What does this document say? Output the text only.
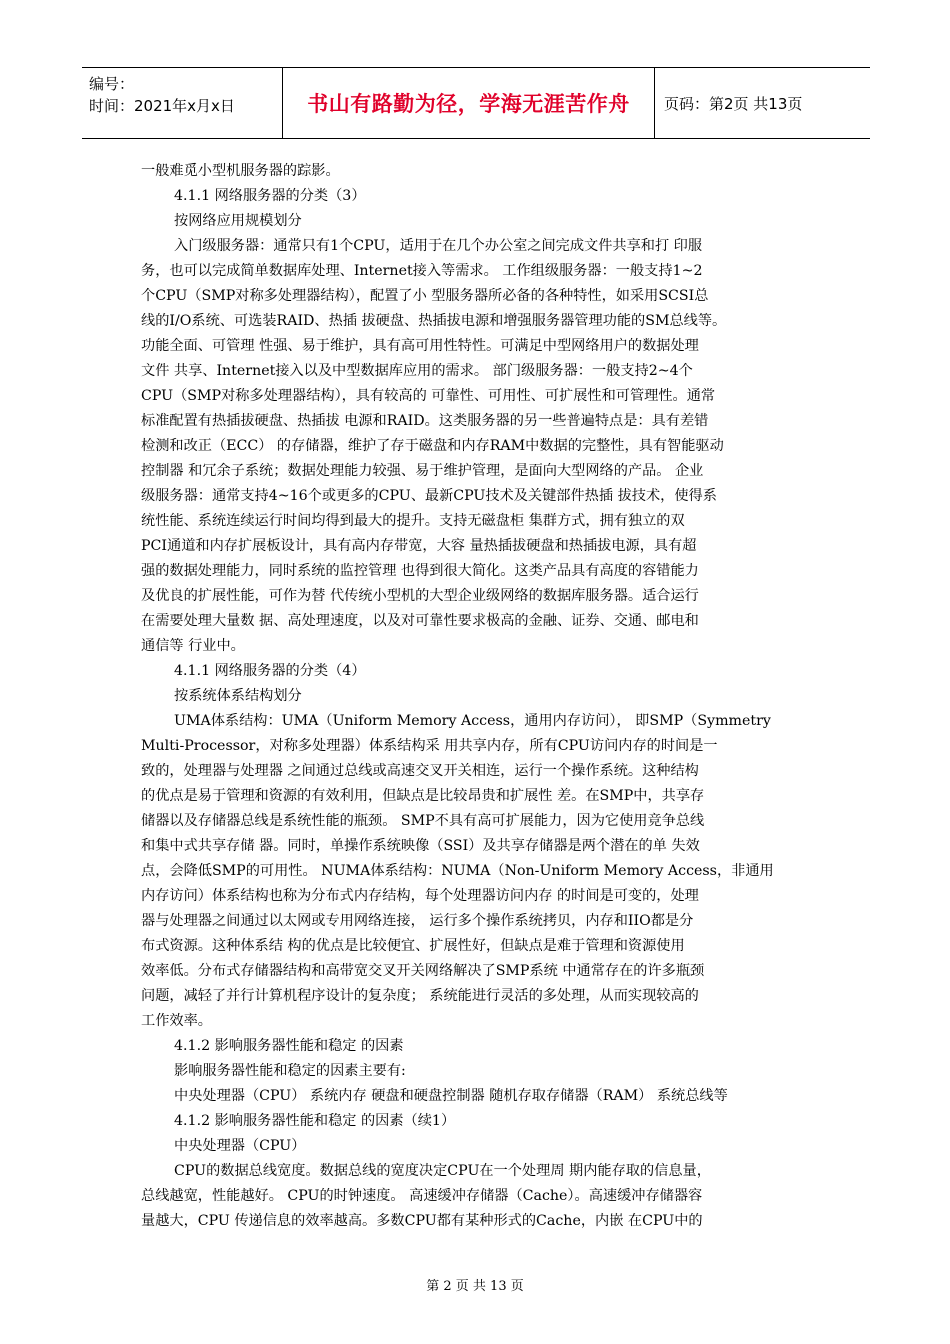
编号：
时间：2021年x月x日	书山有路勤为径，学海无涯苦作舟	页码：第2页 共13页
一般难觅小型机服务器的踪影。
4.1.1 网络服务器的分类（3）
按网络应用规模划分
入门级服务器：通常只有1个CPU，适用于在几个办公室之间完成文件共享和打 印服
务，也可以完成简单数据库处理、Internet接入等需求。 工作组级服务器：一般支持1~2
个CPU（SMP对称多处理器结构），配置了小 型服务器所必备的各种特性，如采用SCSI总
线的I/O系统、可选装RAID、热插 拔硬盘、热插拔电源和增强服务器管理功能的SM总线等。
功能全面、可管理 性强、易于维护，具有高可用性特性。可满足中型网络用户的数据处理
文件 共享、Internet接入以及中型数据库应用的需求。 部门级服务器：一般支持2~4个
CPU（SMP对称多处理器结构），具有较高的 可靠性、可用性、可扩展性和可管理性。通常
标准配置有热插拔硬盘、热插拔 电源和RAID。这类服务器的另一些普遍特点是：具有差错
检测和改正（ECC） 的存储器，维护了存于磁盘和内存RAM中数据的完整性，具有智能驱动
控制器 和冗余子系统；数据处理能力较强、易于维护管理，是面向大型网络的产品。 企业
级服务器：通常支持4~16个或更多的CPU、最新CPU技术及关键部件热插 拔技术，使得系
统性能、系统连续运行时间均得到最大的提升。支持无磁盘柜 集群方式，拥有独立的双
PCI通道和内存扩展板设计，具有高内存带宽，大容 量热插拔硬盘和热插拔电源，具有超
强的数据处理能力，同时系统的监控管理 也得到很大简化。这类产品具有高度的容错能力
及优良的扩展性能，可作为替 代传统小型机的大型企业级网络的数据库服务器。适合运行
在需要处理大量数 据、高处理速度，以及对可靠性要求极高的金融、证券、交通、邮电和
通信等 行业中。
4.1.1 网络服务器的分类（4）
按系统体系结构划分
UMA体系结构：UMA（Uniform Memory Access，通用内存访问）， 即SMP（Symmetry
Multi-Processor，对称多处理器）体系结构采 用共享内存，所有CPU访问内存的时间是一
致的，处理器与处理器 之间通过总线或高速交叉开关相连，运行一个操作系统。这种结构
的优点是易于管理和资源的有效利用，但缺点是比较昂贵和扩展性 差。在SMP中，共享存
储器以及存储器总线是系统性能的瓶颈。 SMP不具有高可扩展能力，因为它使用竞争总线
和集中式共享存储 器。同时，单操作系统映像（SSI）及共享存储器是两个潜在的单 失效
点，会降低SMP的可用性。 NUMA体系结构：NUMA（Non-Uniform Memory Access，非通用
内存访问）体系结构也称为分布式内存结构，每个处理器访问内存 的时间是可变的，处理
器与处理器之间通过以太网或专用网络连接， 运行多个操作系统拷贝，内存和IIO都是分
布式资源。这种体系结 构的优点是比较便宜、扩展性好，但缺点是难于管理和资源使用
效率低。分布式存储器结构和高带宽交叉开关网络解决了SMP系统 中通常存在的许多瓶颈
问题，减轻了并行计算机程序设计的复杂度； 系统能进行灵活的多处理，从而实现较高的
工作效率。
4.1.2 影响服务器性能和稳定 的因素
影响服务器性能和稳定的因素主要有:
中央处理器（CPU） 系统内存 硬盘和硬盘控制器 随机存取存储器（RAM） 系统总线等
4.1.2 影响服务器性能和稳定 的因素（续1）
中央处理器（CPU）
CPU的数据总线宽度。数据总线的宽度决定CPU在一个处理周 期内能存取的信息量，
总线越宽，性能越好。 CPU的时钟速度。 高速缓冲存储器（Cache）。高速缓冲存储器容
量越大，CPU 传递信息的效率越高。多数CPU都有某种形式的Cache，内嵌 在CPU中的
第 2 页 共 13 页
